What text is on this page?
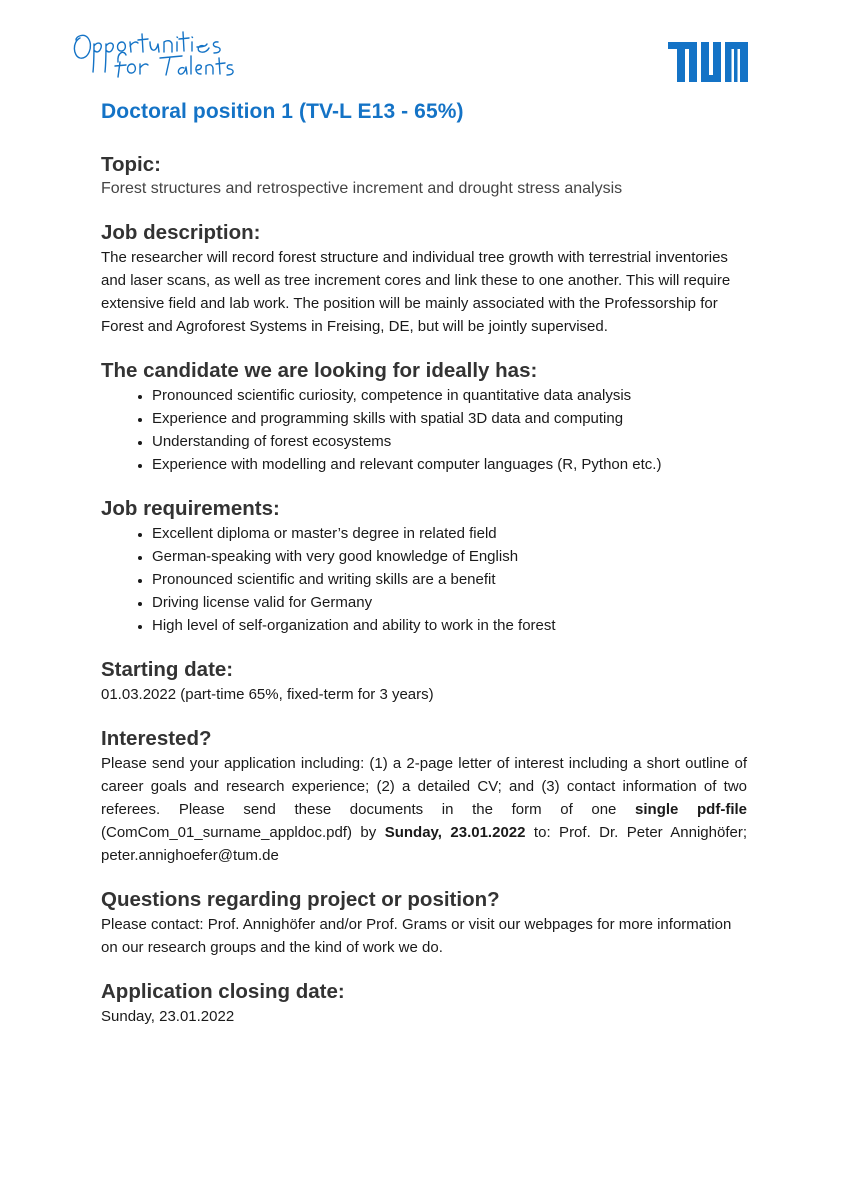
Doctoral position 1 (TV-L E13 - 65%)
Topic:

Forest structures and retrospective increment and drought stress analysis

Job description:

The researcher will record forest structure and individual tree growth with terrestrial inventories and laser scans, as well as tree increment cores and link these to one another. This will require extensive field and lab work. The position will be mainly associated with the Professorship for Forest and Agroforest Systems in Freising, DE, but will be jointly supervised.

The candidate we are looking for ideally has:
• Pronounced scientific curiosity, competence in quantitative data analysis
• Experience and programming skills with spatial 3D data and computing
• Understanding of forest ecosystems
• Experience with modelling and relevant computer languages (R, Python etc.)
Job requirements:
• Excellent diploma or master’s degree in related field
• German-speaking with very good knowledge of English
• Pronounced scientific and writing skills are a benefit
• Driving license valid for Germany
• High level of self-organization and ability to work in the forest
Starting date:

01.03.2022 (part-time 65%, fixed-term for 3 years)

Interested?

Please send your application including: (1) a 2-page letter of interest including a short outline of career goals and research experience; (2) a detailed CV; and (3) contact information of two referees. Please send these documents in the form of one single pdf-file (ComCom_01_surname_appldoc.pdf) by Sunday, 23.01.2022 to: Prof. Dr. Peter Annighöfer; peter.annighoefer@tum.de

Questions regarding project or position?

Please contact: Prof. Annighöfer and/or Prof. Grams or visit our webpages for more information on our research groups and the kind of work we do.

Application closing date:

Sunday, 23.01.2022
